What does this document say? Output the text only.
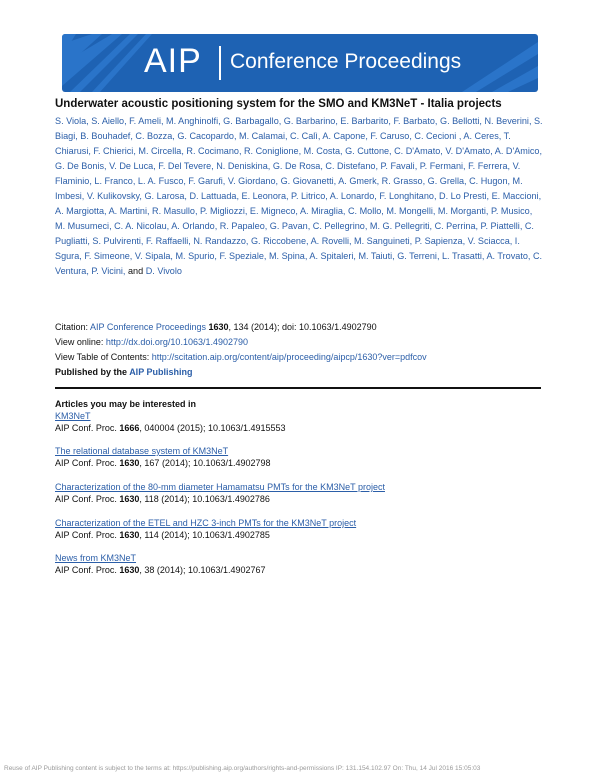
AIP Conference Proceedings
Underwater acoustic positioning system for the SMO and KM3NeT - Italia projects
S. Viola, S. Aiello, F. Ameli, M. Anghinolfi, G. Barbagallo, G. Barbarino, E. Barbarito, F. Barbato, G. Bellotti, N. Beverini, S. Biagi, B. Bouhadef, C. Bozza, G. Cacopardo, M. Calamai, C. Calì, A. Capone, F. Caruso, C. Cecioni , A. Ceres, T. Chiarusi, F. Chierici, M. Circella, R. Cocimano, R. Coniglione, M. Costa, G. Cuttone, C. D'Amato, V. D'Amato, A. D'Amico, G. De Bonis, V. De Luca, F. Del Tevere, N. Deniskina, G. De Rosa, C. Distefano, P. Favali, P. Fermani, F. Ferrera, V. Flaminio, L. Franco, L. A. Fusco, F. Garufi, V. Giordano, G. Giovanetti, A. Gmerk, R. Grasso, G. Grella, C. Hugon, M. Imbesi, V. Kulikovsky, G. Larosa, D. Lattuada, E. Leonora, P. Litrico, A. Lonardo, F. Longhitano, D. Lo Presti, E. Maccioni, A. Margiotta, A. Martini, R. Masullo, P. Migliozzi, E. Migneco, A. Miraglia, C. Mollo, M. Mongelli, M. Morganti, P. Musico, M. Musumeci, C. A. Nicolau, A. Orlando, R. Papaleo, G. Pavan, C. Pellegrino, M. G. Pellegriti, C. Perrina, P. Piattelli, C. Pugliatti, S. Pulvirenti, F. Raffaelli, N. Randazzo, G. Riccobene, A. Rovelli, M. Sanguineti, P. Sapienza, V. Sciacca, I. Sgura, F. Simeone, V. Sipala, M. Spurio, F. Speziale, M. Spina, A. Spitaleri, M. Taiuti, G. Terreni, L. Trasatti, A. Trovato, C. Ventura, P. Vicini, and D. Vivolo
Citation: AIP Conference Proceedings 1630, 134 (2014); doi: 10.1063/1.4902790
View online: http://dx.doi.org/10.1063/1.4902790
View Table of Contents: http://scitation.aip.org/content/aip/proceeding/aipcp/1630?ver=pdfcov
Published by the AIP Publishing
Articles you may be interested in
KM3NeT
AIP Conf. Proc. 1666, 040004 (2015); 10.1063/1.4915553
The relational database system of KM3NeT
AIP Conf. Proc. 1630, 167 (2014); 10.1063/1.4902798
Characterization of the 80-mm diameter Hamamatsu PMTs for the KM3NeT project
AIP Conf. Proc. 1630, 118 (2014); 10.1063/1.4902786
Characterization of the ETEL and HZC 3-inch PMTs for the KM3NeT project
AIP Conf. Proc. 1630, 114 (2014); 10.1063/1.4902785
News from KM3NeT
AIP Conf. Proc. 1630, 38 (2014); 10.1063/1.4902767
Reuse of AIP Publishing content is subject to the terms at: https://publishing.aip.org/authors/rights-and-permissions IP: 131.154.102.97 On: Thu, 14 Jul 2016 15:05:03
